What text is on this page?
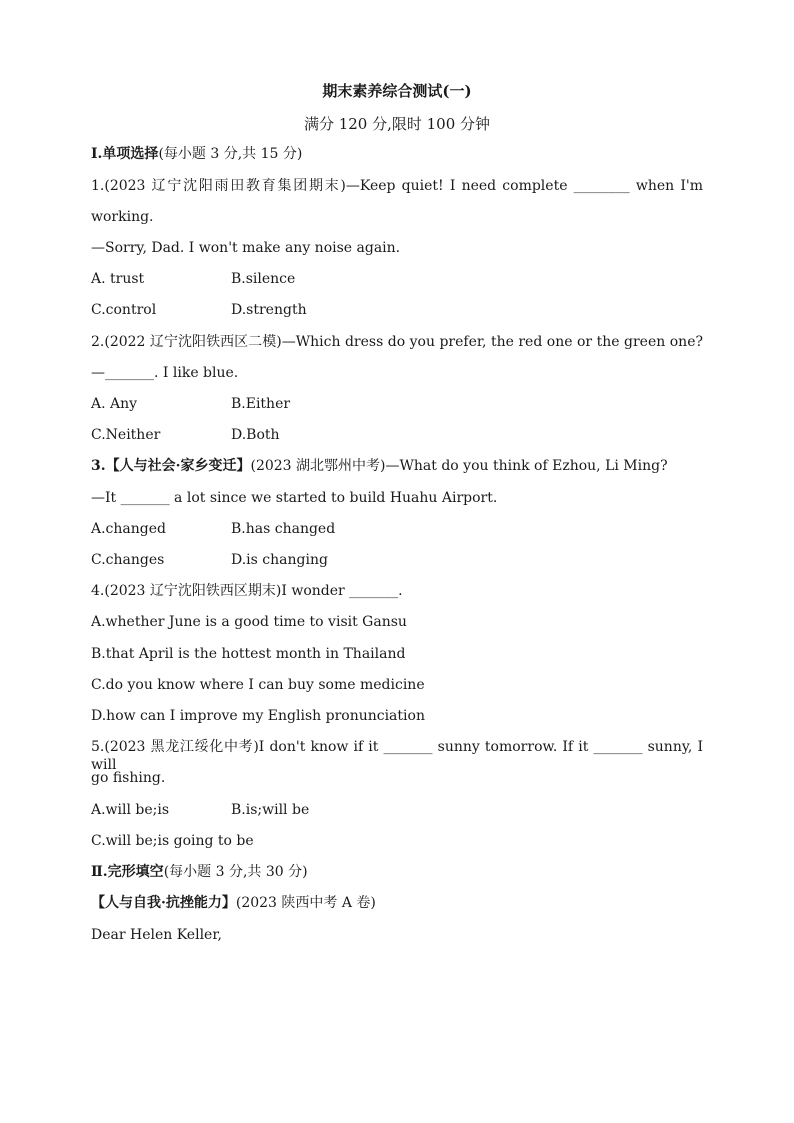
期末素养综合测试(一)
满分 120 分,限时 100 分钟
Ⅰ.单项选择(每小题 3 分,共 15 分)
1.(2023 辽宁沈阳雨田教育集团期末)—Keep quiet! I need complete ________ when I'm
working.
—Sorry, Dad. I won't make any noise again.
A. trust	B.silence
C.control	D.strength
2.(2022 辽宁沈阳铁西区二模)—Which dress do you prefer, the red one or the green one?
—_______. I like blue.
A. Any	B.Either
C.Neither	D.Both
3.【人与社会·家乡变迁】(2023 湖北鄂州中考)—What do you think of Ezhou, Li Ming?
—It _______ a lot since we started to build Huahu Airport.
A.changed	B.has changed
C.changes	D.is changing
4.(2023 辽宁沈阳铁西区期末)I wonder _______.
A.whether June is a good time to visit Gansu
B.that April is the hottest month in Thailand
C.do you know where I can buy some medicine
D.how can I improve my English pronunciation
5.(2023 黑龙江绥化中考)I don't know if it _______ sunny tomorrow. If it _______ sunny, I will
go fishing.
A.will be;is	B.is;will be
C.will be;is going to be
Ⅱ.完形填空(每小题 3 分,共 30 分)
【人与自我·抗挫能力】(2023 陕西中考 A 卷)
Dear Helen Keller,
